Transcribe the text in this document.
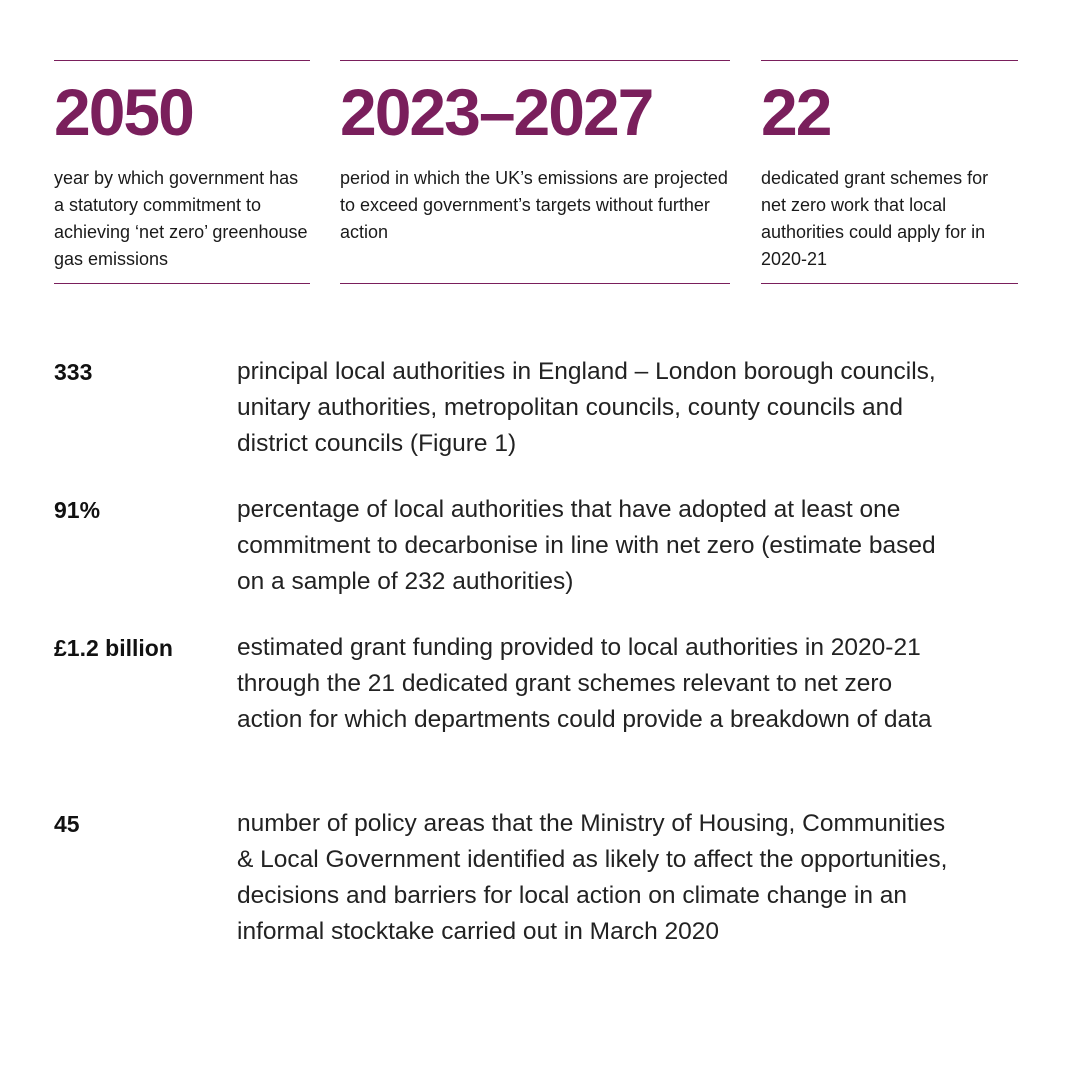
2050
year by which government has a statutory commitment to achieving ‘net zero’ greenhouse gas emissions
2023–2027
period in which the UK’s emissions are projected to exceed government’s targets without further action
22
dedicated grant schemes for net zero work that local authorities could apply for in 2020-21
333	principal local authorities in England – London borough councils, unitary authorities, metropolitan councils, county councils and district councils (Figure 1)
91%	percentage of local authorities that have adopted at least one commitment to decarbonise in line with net zero (estimate based on a sample of 232 authorities)
£1.2 billion	estimated grant funding provided to local authorities in 2020-21 through the 21 dedicated grant schemes relevant to net zero action for which departments could provide a breakdown of data
45	number of policy areas that the Ministry of Housing, Communities & Local Government identified as likely to affect the opportunities, decisions and barriers for local action on climate change in an informal stocktake carried out in March 2020
